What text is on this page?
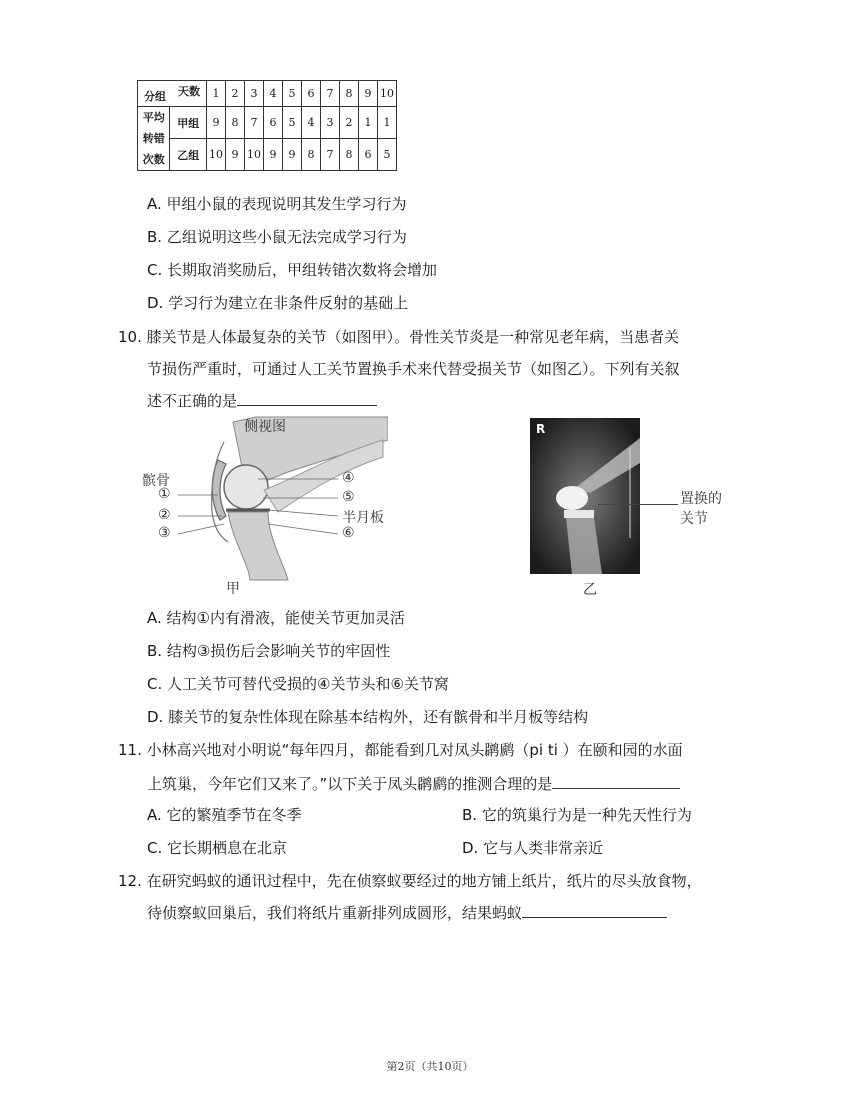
天数
分组		1	2	3	4	5	6	7	8	9	10

平均
转错
次数	甲组	9	8	7	6	5	4	3	2	1	1
	乙组	10	9	10	9	9	8	7	8	6	5
A. 甲组小鼠的表现说明其发生学习行为
B. 乙组说明这些小鼠无法完成学习行为
C. 长期取消奖励后，甲组转错次数将会增加
D. 学习行为建立在非条件反射的基础上
10. 膝关节是人体最复杂的关节（如图甲）。骨性关节炎是一种常见老年病，当患者关
节损伤严重时，可通过人工关节置换手术来代替受损关节（如图乙）。下列有关叙
述不正确的是
侧视图
髌骨
①
②
③
④
⑤
半月板
⑥
甲
R
置换的
关节
乙
A. 结构①内有滑液，能使关节更加灵活
B. 结构③损伤后会影响关节的牢固性
C. 人工关节可替代受损的④关节头和⑥关节窝
D. 膝关节的复杂性体现在除基本结构外，还有髌骨和半月板等结构
11. 小林高兴地对小明说“每年四月，都能看到几对凤头䴙䴘（pi ti ）在颐和园的水面
上筑巢，今年它们又来了。”以下关于凤头䴙䴘的推测合理的是
A. 它的繁殖季节在冬季	B. 它的筑巢行为是一种先天性行为
C. 它长期栖息在北京	D. 它与人类非常亲近
12. 在研究蚂蚁的通讯过程中，先在侦察蚁要经过的地方铺上纸片，纸片的尽头放食物，
待侦察蚁回巢后，我们将纸片重新排列成圆形，结果蚂蚁
第2页（共10页）
